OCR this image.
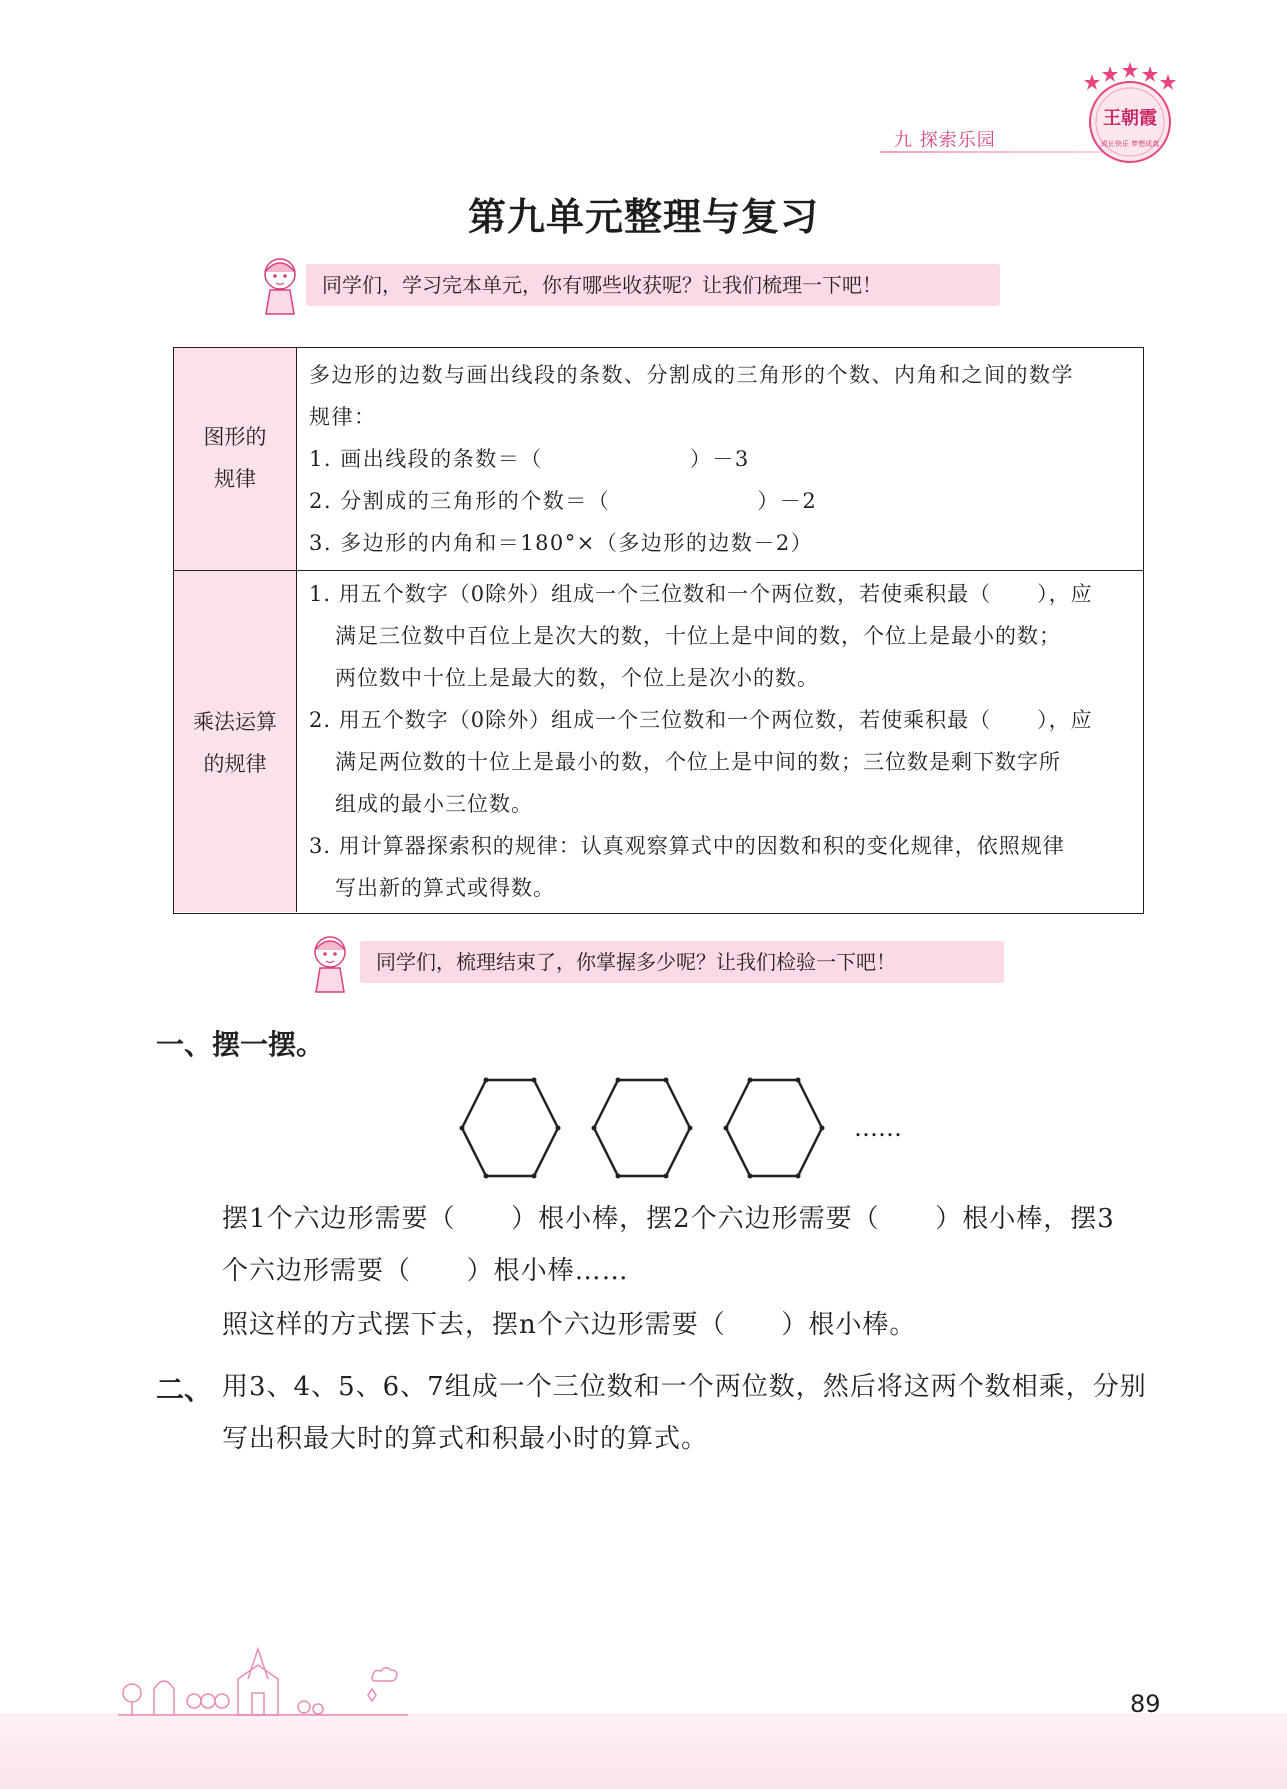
九 探索乐园
王朝霞
成长快乐 梦想成真
第九单元整理与复习
同学们，学习完本单元，你有哪些收获呢？让我们梳理一下吧！
图形的
规律
多边形的边数与画出线段的条数、分割成的三角形的个数、内角和之间的数学
规律：
1. 画出线段的条数＝（                  ）－3
2. 分割成的三角形的个数＝（                  ）－2
3. 多边形的内角和＝180°×（多边形的边数－2）
乘法运算
的规律
1. 用五个数字（0除外）组成一个三位数和一个两位数，若使乘积最（      ），应
满足三位数中百位上是次大的数，十位上是中间的数，个位上是最小的数；
两位数中十位上是最大的数，个位上是次小的数。
2. 用五个数字（0除外）组成一个三位数和一个两位数，若使乘积最（      ），应
满足两位数的十位上是最小的数，个位上是中间的数；三位数是剩下数字所
组成的最小三位数。
3. 用计算器探索积的规律：认真观察算式中的因数和积的变化规律，依照规律
写出新的算式或得数。
同学们，梳理结束了，你掌握多少呢？让我们检验一下吧！
一、摆一摆。
……
摆1个六边形需要（      ）根小棒，摆2个六边形需要（      ）根小棒，摆3
个六边形需要（      ）根小棒……
照这样的方式摆下去，摆n个六边形需要（      ）根小棒。
二、 用3、4、5、6、7组成一个三位数和一个两位数，然后将这两个数相乘，分别
写出积最大时的算式和积最小时的算式。
89
